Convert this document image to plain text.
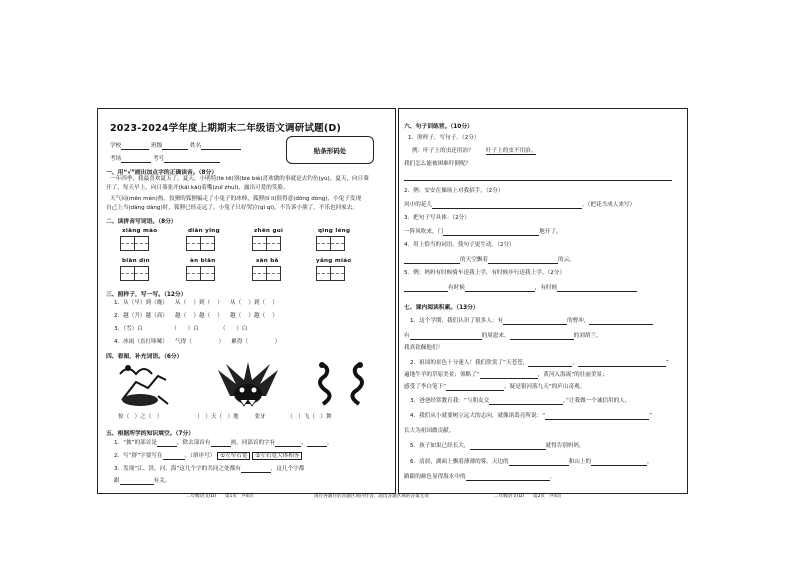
2023-2024学年度上期期末二年级语文调研试题(D)
学校	班级	姓名
考场	考号
贴条形码处
一、用“√”画出加点字的正确读音。（8分）
一年四季，我最喜欢夏天了。夏天，小明特(tè tē)别(bié biè)喜欢做的事就是去钓鱼(yú)。夏天，向日葵
开了，每天早上，向日葵张开(kāi kāi)着嘴(zuǐ zhuǐ)，露出可爱的笑脸。
天气闷(mēn mèn)热，狡猾的狐狸骗走了小兔子的冰棒，狐狸(lí li)很得意(dōng dòng)，小兔子发现
自己上当(dāng dàng)时，狐狸已经走远了。小兔子只好哭泣(qì qì)，不告诉小熊了，不乐也回家去。
二、读拼音写词语。（8分）
xiāng mào	diàn yǐng	zhēn guì	qīng léng
biān dìn	àn biān	sān bǎ	yǎng miáo
三、照样子，写一写。（12分）
1．从（早）到（晚） 从（ ）到（ ） 从（ ）到（ ）
2．越（升）越（高） 越（ ）越（ ） 越（ ）越（ ）
3．（雪）白	（ ）白	（ ）白
4．冰雨（直打哆嗦） 气得（	） 累得（	）
四、看图，补充词语。（6分）
惊（ ）之（ ）	（ ）天（ ）地	张牙	（ ）飞（ ）舞
五、根据所学的知识填空。（7分）
1．“披”的部首是	，除去部首有	画，同部首的字有	，	。
2．写“群”字要写在	。（填序号） ①左窄右宽 ②左右宽大体相等
3．发现“江、洪、河、海”这几个字的共同之处都有	，这几个字都
跟	有关。
二年级语文(D) 第1页 共4页	请在各题目的答题区域内作答，超出答题区域的答案无效
六、句子训练营。（10分）
1．照样子，写句子。（2分）
例：叶子上的虫还用治？ 叶子上的虫不用治。
我们怎么能被困难吓倒呢？
2．例：安安在操场上对我招手，（2分）
风中的花儿	。（把花当成人来写）
3．把句子写具体：（2分）
一阵风吹来，门	地开了。
4．用上恰当的词语，使句子更生动。（2分）
的天空飘着	的云。
5．例：妈妈有时候骑车送我上学，有时候步行送我上学。（2分）
有时候	，有时候
七、课内阅读积累。（13分）
1．这个学期，我们认识了很多人：有	的曹冲，
有	的周恩来，	的刘胡兰，
我真钦佩他们！
2．祖国的景色十分迷人！我们欣赏了“天苍苍，	，	”
遍地牛羊的草原美景；领略了“	，黄河入海流”的壮丽美景；
感受了李白笔下“	，疑是银河落九天”的庐山奇观。
3．爸爸经常教育我：“与朋友交	。”让我做一个诚信用的人。
4．我们从小就要树立远大的志向，就像诸葛亮所说：“	”
长大为祖国做贡献。
5．孩子如果已经长大，	就得告别妈妈。
6．清晨，湖面上飘着薄薄的雾。天边的	和山上的	，
路跟的颜色显得海水中的	。
二年级语文(D) 第2页 共4页
